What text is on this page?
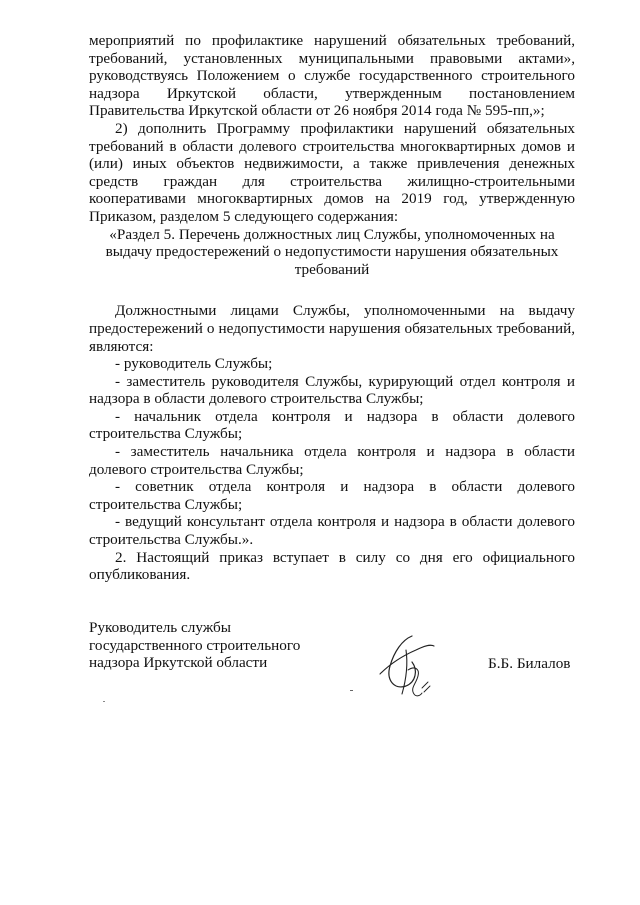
мероприятий по профилактике нарушений обязательных требований, требований, установленных муниципальными правовыми актами», руководствуясь Положением о службе государственного строительного надзора Иркутской области, утвержденным постановлением Правительства Иркутской области от 26 ноября 2014 года № 595-пп,»;

2) дополнить Программу профилактики нарушений обязательных требований в области долевого строительства многоквартирных домов и (или) иных объектов недвижимости, а также привлечения денежных средств граждан для строительства жилищно-строительными кооперативами многоквартирных домов на 2019 год, утвержденную Приказом, разделом 5 следующего содержания:

«Раздел 5. Перечень должностных лиц Службы, уполномоченных на выдачу предостережений о недопустимости нарушения обязательных требований

Должностными лицами Службы, уполномоченными на выдачу предостережений о недопустимости нарушения обязательных требований, являются:

- руководитель Службы;

- заместитель руководителя Службы, курирующий отдел контроля и надзора в области долевого строительства Службы;

- начальник отдела контроля и надзора в области долевого строительства Службы;

- заместитель начальника отдела контроля и надзора в области долевого строительства Службы;

- советник отдела контроля и надзора в области долевого строительства Службы;

- ведущий консультант отдела контроля и надзора в области долевого строительства Службы.».

2. Настоящий приказ вступает в силу со дня его официального опубликования.

Руководитель службы
государственного строительного
надзора Иркутской области	Б.Б. Билалов
